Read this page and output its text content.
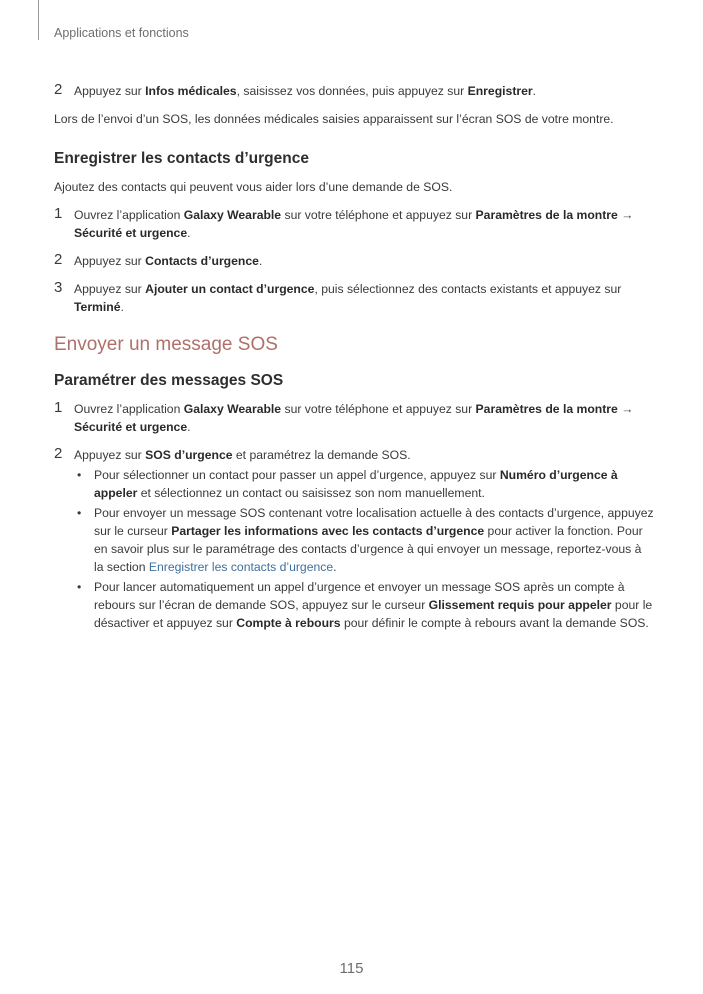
Applications et fonctions
2 Appuyez sur Infos médicales, saisissez vos données, puis appuyez sur Enregistrer.

Lors de l’envoi d’un SOS, les données médicales saisies apparaissent sur l’écran SOS de votre montre.

Enregistrer les contacts d’urgence

Ajoutez des contacts qui peuvent vous aider lors d’une demande de SOS.

1 Ouvrez l’application Galaxy Wearable sur votre téléphone et appuyez sur Paramètres de la montre → Sécurité et urgence.
2 Appuyez sur Contacts d’urgence.
3 Appuyez sur Ajouter un contact d’urgence, puis sélectionnez des contacts existants et appuyez sur Terminé.
Envoyer un message SOS
Paramétrer des messages SOS
1 Ouvrez l’application Galaxy Wearable sur votre téléphone et appuyez sur Paramètres de la montre → Sécurité et urgence.
2 Appuyez sur SOS d’urgence et paramétrez la demande SOS.
• Pour sélectionner un contact pour passer un appel d’urgence, appuyez sur Numéro d’urgence à appeler et sélectionnez un contact ou saisissez son nom manuellement.
• Pour envoyer un message SOS contenant votre localisation actuelle à des contacts d’urgence, appuyez sur le curseur Partager les informations avec les contacts d’urgence pour activer la fonction. Pour en savoir plus sur le paramétrage des contacts d’urgence à qui envoyer un message, reportez-vous à la section Enregistrer les contacts d’urgence.
• Pour lancer automatiquement un appel d’urgence et envoyer un message SOS après un compte à rebours sur l’écran de demande SOS, appuyez sur le curseur Glissement requis pour appeler pour le désactiver et appuyez sur Compte à rebours pour définir le compte à rebours avant la demande SOS.
115
